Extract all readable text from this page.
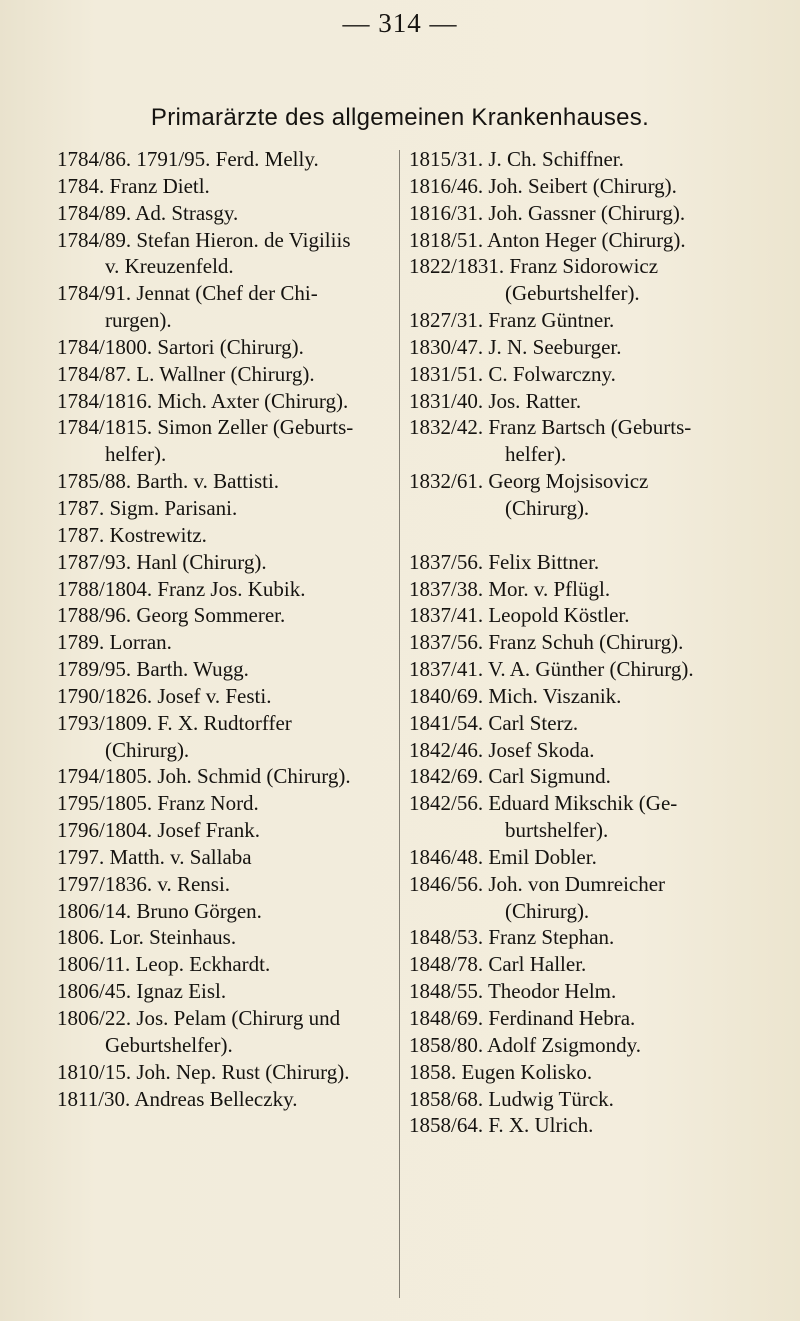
— 314 —
Primarärzte des allgemeinen Krankenhauses.
1784/86. 1791/95. Ferd. Melly.
1784. Franz Dietl.
1784/89. Ad. Strasgy.
1784/89. Stefan Hieron. de Vigiliis
v. Kreuzenfeld.
1784/91. Jennat (Chef der Chi-
rurgen).
1784/1800. Sartori (Chirurg).
1784/87. L. Wallner (Chirurg).
1784/1816. Mich. Axter (Chirurg).
1784/1815. Simon Zeller (Geburts-
helfer).
1785/88. Barth. v. Battisti.
1787. Sigm. Parisani.
1787. Kostrewitz.
1787/93. Hanl (Chirurg).
1788/1804. Franz Jos. Kubik.
1788/96. Georg Sommerer.
1789. Lorran.
1789/95. Barth. Wugg.
1790/1826. Josef v. Festi.
1793/1809. F. X. Rudtorffer
(Chirurg).
1794/1805. Joh. Schmid (Chirurg).
1795/1805. Franz Nord.
1796/1804. Josef Frank.
1797. Matth. v. Sallaba
1797/1836. v. Rensi.
1806/14. Bruno Görgen.
1806. Lor. Steinhaus.
1806/11. Leop. Eckhardt.
1806/45. Ignaz Eisl.
1806/22. Jos. Pelam (Chirurg und
Geburtshelfer).
1810/15. Joh. Nep. Rust (Chirurg).
1811/30. Andreas Belleczky.
1815/31. J. Ch. Schiffner.
1816/46. Joh. Seibert (Chirurg).
1816/31. Joh. Gassner (Chirurg).
1818/51. Anton Heger (Chirurg).
1822/1831. Franz Sidorowicz
(Geburtshelfer).
1827/31. Franz Güntner.
1830/47. J. N. Seeburger.
1831/51. C. Folwarczny.
1831/40. Jos. Ratter.
1832/42. Franz Bartsch (Geburts-
helfer).
1832/61. Georg Mojsisovicz
(Chirurg).
1837/56. Felix Bittner.
1837/38. Mor. v. Pflügl.
1837/41. Leopold Köstler.
1837/56. Franz Schuh (Chirurg).
1837/41. V. A. Günther (Chirurg).
1840/69. Mich. Viszanik.
1841/54. Carl Sterz.
1842/46. Josef Skoda.
1842/69. Carl Sigmund.
1842/56. Eduard Mikschik (Ge-
burtshelfer).
1846/48. Emil Dobler.
1846/56. Joh. von Dumreicher
(Chirurg).
1848/53. Franz Stephan.
1848/78. Carl Haller.
1848/55. Theodor Helm.
1848/69. Ferdinand Hebra.
1858/80. Adolf Zsigmondy.
1858. Eugen Kolisko.
1858/68. Ludwig Türck.
1858/64. F. X. Ulrich.
